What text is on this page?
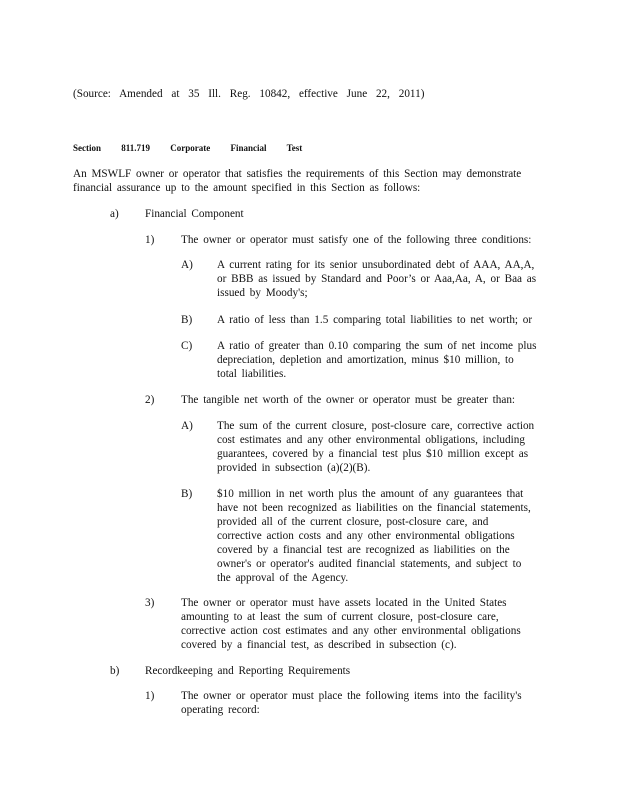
(Source: Amended at 35 Ill. Reg. 10842, effective June 22, 2011)

Section 811.719 Corporate Financial Test

An MSWLF owner or operator that satisfies the requirements of this Section may demonstrate financial assurance up to the amount specified in this Section as follows:

a) Financial Component
1) The owner or operator must satisfy one of the following three conditions:

A) A current rating for its senior unsubordinated debt of AAA, AA,A, or BBB as issued by Standard and Poor’s or Aaa,Aa, A, or Baa as issued by Moody's;

B) A ratio of less than 1.5 comparing total liabilities to net worth; or

C) A ratio of greater than 0.10 comparing the sum of net income plus depreciation, depletion and amortization, minus $10 million, to total liabilities.

2) The tangible net worth of the owner or operator must be greater than:

A) The sum of the current closure, post-closure care, corrective action cost estimates and any other environmental obligations, including guarantees, covered by a financial test plus $10 million except as provided in subsection (a)(2)(B).

B) $10 million in net worth plus the amount of any guarantees that have not been recognized as liabilities on the financial statements, provided all of the current closure, post-closure care, and corrective action costs and any other environmental obligations covered by a financial test are recognized as liabilities on the owner's or operator's audited financial statements, and subject to the approval of the Agency.

3) The owner or operator must have assets located in the United States amounting to at least the sum of current closure, post-closure care, corrective action cost estimates and any other environmental obligations covered by a financial test, as described in subsection (c).

b) Recordkeeping and Reporting Requirements
1) The owner or operator must place the following items into the facility's operating record:
